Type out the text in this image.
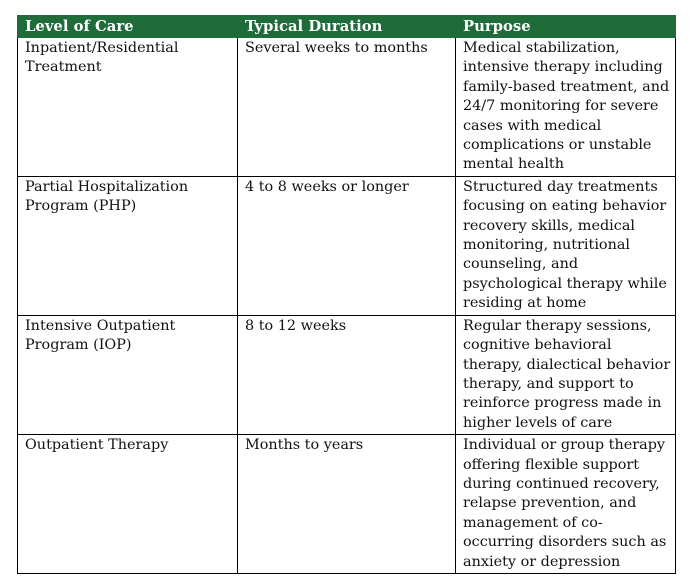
Level of Care	Typical Duration	Purpose
Inpatient/Residential Treatment	Several weeks to months	Medical stabilization, intensive therapy including family-based treatment, and 24/7 monitoring for severe cases with medical complications or unstable mental health
Partial Hospitalization Program (PHP)	4 to 8 weeks or longer	Structured day treatments focusing on eating behavior recovery skills, medical monitoring, nutritional counseling, and psychological therapy while residing at home
Intensive Outpatient Program (IOP)	8 to 12 weeks	Regular therapy sessions, cognitive behavioral therapy, dialectical behavior therapy, and support to reinforce progress made in higher levels of care
Outpatient Therapy	Months to years	Individual or group therapy offering flexible support during continued recovery, relapse prevention, and management of co-occurring disorders such as anxiety or depression
